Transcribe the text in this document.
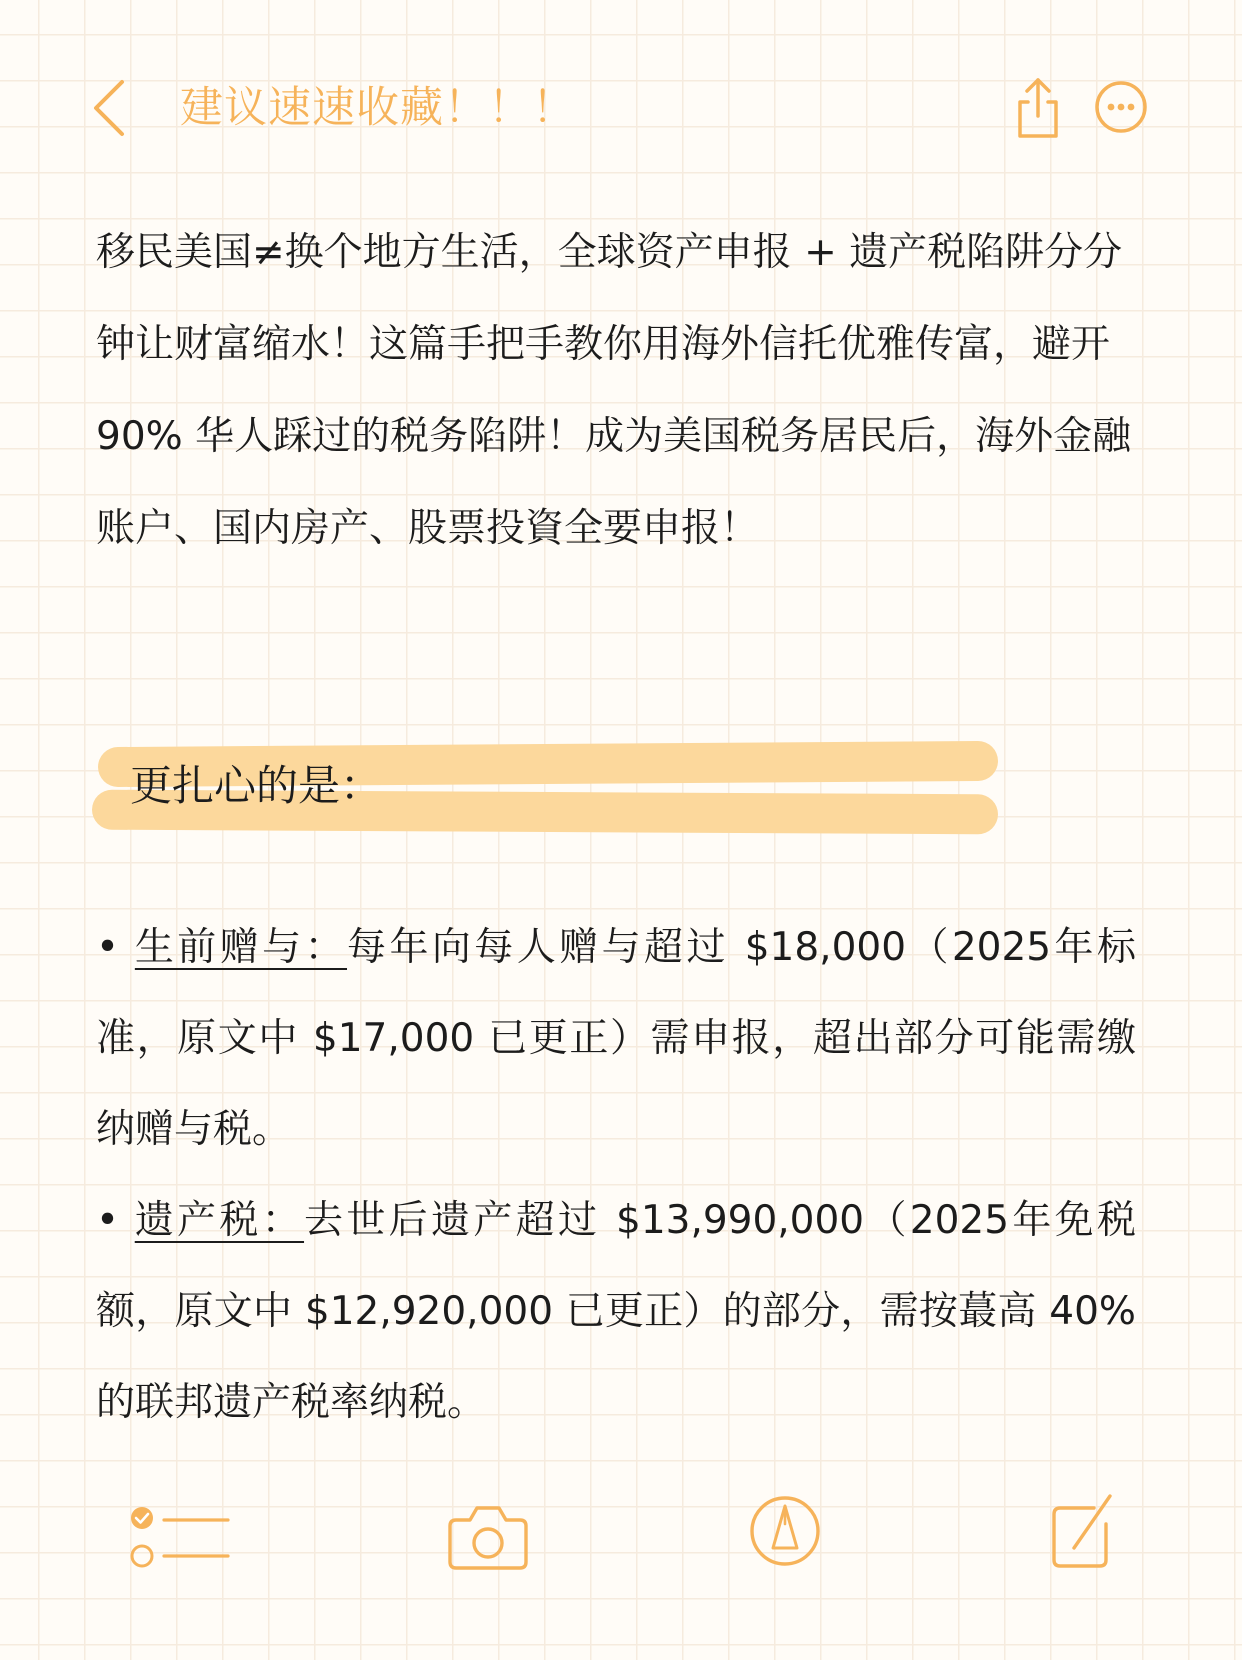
建议速速收藏！！！

移民美国≠换个地方生活，全球资产申报 + 遗产税陷阱分分钟让财富缩水！这篇手把手教你用海外信托优雅传富，避开 90% 华人踩过的税务陷阱！成为美国税务居民后，海外金融账户、国内房产、股票投資全要申报！

更扎心的是：

• 生前赠与：每年向每人赠与超过 $18,000（2025年标准，原文中 $17,000 已更正）需申报，超出部分可能需缴纳赠与税。

• 遗产税：去世后遗产超过 $13,990,000（2025年免税额，原文中 $12,920,000 已更正）的部分，需按蕞高 40% 的联邦遗产税率纳税。
